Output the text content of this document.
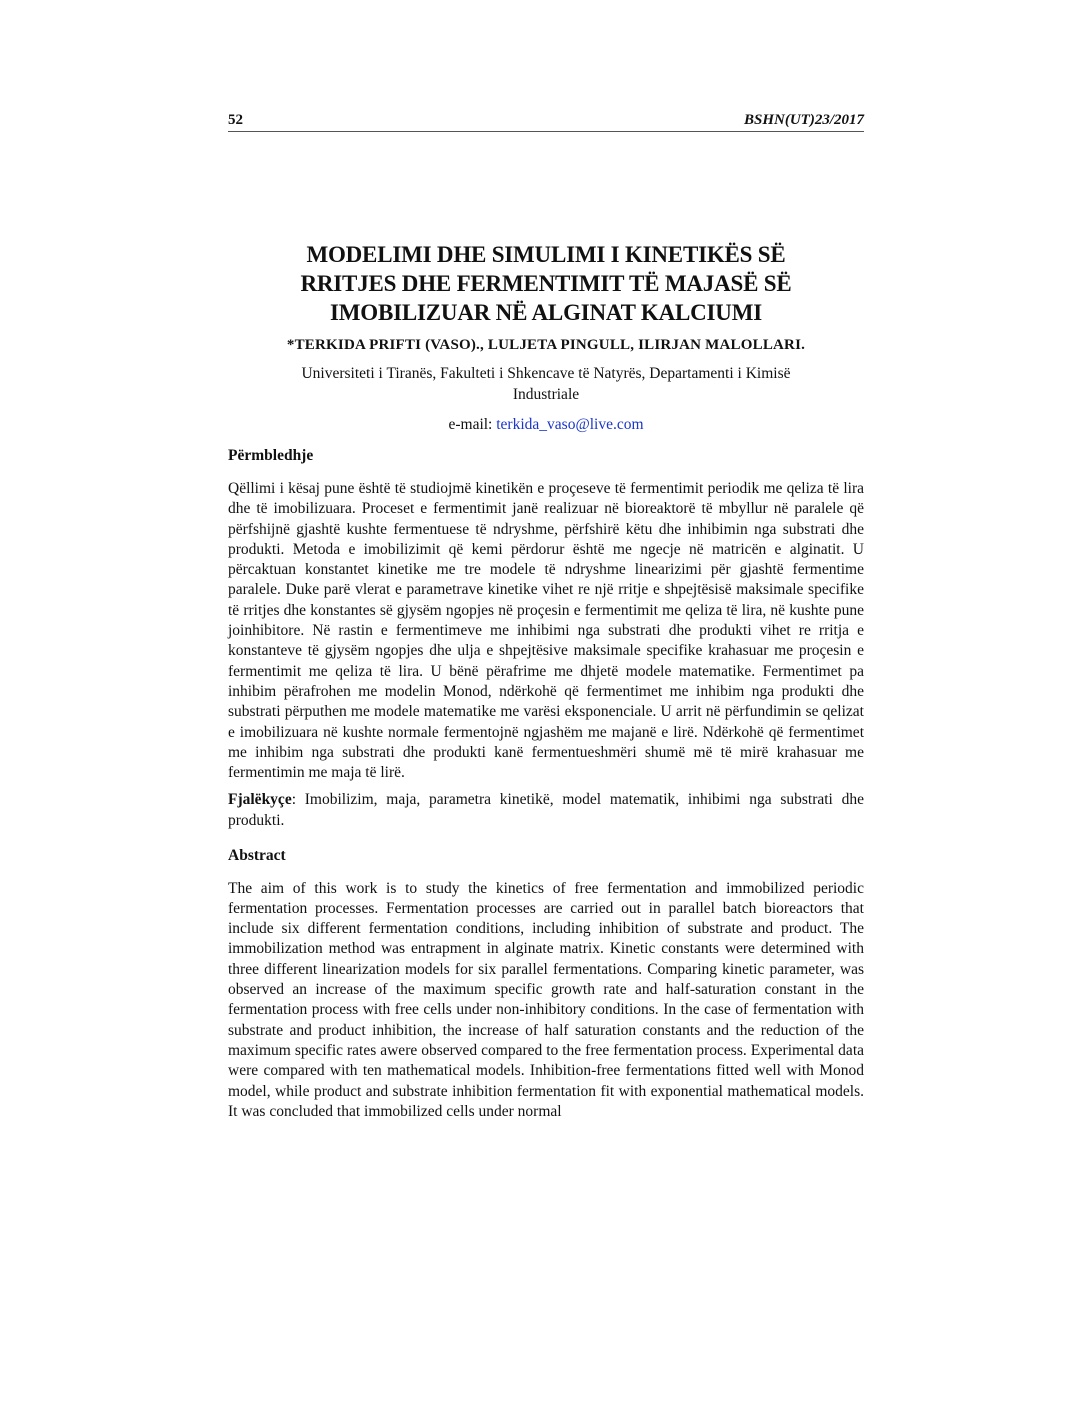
52	BSHN(UT)23/2017
MODELIMI DHE SIMULIMI I KINETIKËS SË
RRITJES DHE FERMENTIMIT TË MAJASË SË
IMOBILIZUAR NË ALGINAT KALCIUMI
*TERKIDA PRIFTI (VASO)., LULJETA PINGULL, ILIRJAN MALOLLARI.
Universiteti i Tiranës, Fakulteti i Shkencave të Natyrës, Departamenti i Kimisë
Industriale
e-mail: terkida_vaso@live.com
Përmbledhje

Qëllimi i kësaj pune është të studiojmë kinetikën e proçeseve të fermentimit periodik me qeliza të lira dhe të imobilizuara. Proceset e fermentimit janë realizuar në bioreaktorë të mbyllur në paralele që përfshijnë gjashtë kushte fermentuese të ndryshme, përfshirë këtu dhe inhibimin nga substrati dhe produkti. Metoda e imobilizimit që kemi përdorur është me ngecje në matricën e alginatit. U përcaktuan konstantet kinetike me tre modele të ndryshme linearizimi për gjashtë fermentime paralele. Duke parë vlerat e parametrave kinetike vihet re një rritje e shpejtësisë maksimale specifike të rritjes dhe konstantes së gjysëm ngopjes në proçesin e fermentimit me qeliza të lira, në kushte pune joinhibitore. Në rastin e fermentimeve me inhibimi nga substrati dhe produkti vihet re rritja e konstanteve të gjysëm ngopjes dhe ulja e shpejtësive maksimale specifike krahasuar me proçesin e fermentimit me qeliza të lira. U bënë përafrime me dhjetë modele matematike. Fermentimet pa inhibim përafrohen me modelin Monod, ndërkohë që fermentimet me inhibim nga produkti dhe substrati përputhen me modele matematike me varësi eksponenciale. U arrit në përfundimin se qelizat e imobilizuara në kushte normale fermentojnë ngjashëm me majanë e lirë. Ndërkohë që fermentimet me inhibim nga substrati dhe produkti kanë fermentueshmëri shumë më të mirë krahasuar me fermentimin me maja të lirë.

Fjalëkyçe: Imobilizim, maja, parametra kinetikë, model matematik, inhibimi nga substrati dhe produkti.

Abstract

The aim of this work is to study the kinetics of free fermentation and immobilized periodic fermentation processes. Fermentation processes are carried out in parallel batch bioreactors that include six different fermentation conditions, including inhibition of substrate and product. The immobilization method was entrapment in alginate matrix. Kinetic constants were determined with three different linearization models for six parallel fermentations. Comparing kinetic parameter, was observed an increase of the maximum specific growth rate and half-saturation constant in the fermentation process with free cells under non-inhibitory conditions. In the case of fermentation with substrate and product inhibition, the increase of half saturation constants and the reduction of the maximum specific rates awere observed compared to the free fermentation process. Experimental data were compared with ten mathematical models. Inhibition-free fermentations fitted well with Monod model, while product and substrate inhibition fermentation fit with exponential mathematical models. It was concluded that immobilized cells under normal
